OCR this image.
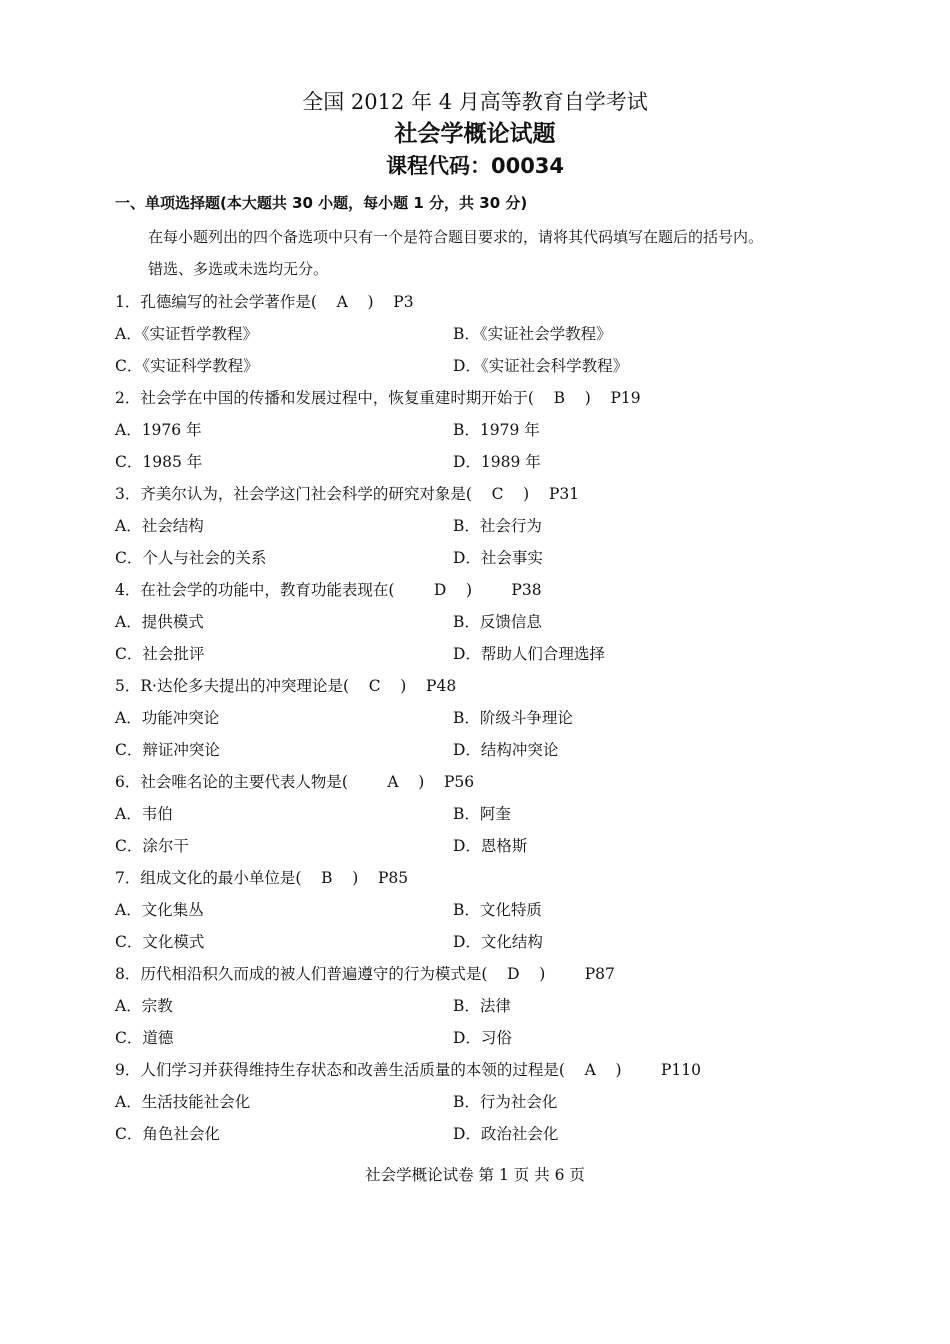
全国 2012 年 4 月高等教育自学考试
社会学概论试题
课程代码：00034
一、单项选择题(本大题共 30 小题，每小题 1 分，共 30 分)
在每小题列出的四个备选项中只有一个是符合题目要求的，请将其代码填写在题后的括号内。
错选、多选或未选均无分。
1．孔德编写的社会学著作是(    A    )    P3
A．《实证哲学教程》	B．《实证社会学教程》
C．《实证科学教程》	D．《实证社会科学教程》
2．社会学在中国的传播和发展过程中，恢复重建时期开始于(    B    )    P19
A．1976 年	B．1979 年
C．1985 年	D．1989 年
3．齐美尔认为，社会学这门社会科学的研究对象是(    C    )    P31
A．社会结构	B．社会行为
C．个人与社会的关系	D．社会事实
4．在社会学的功能中，教育功能表现在(        D    )        P38
A．提供模式	B．反馈信息
C．社会批评	D．帮助人们合理选择
5．R·达伦多夫提出的冲突理论是(    C    )    P48
A．功能冲突论	B．阶级斗争理论
C．辩证冲突论	D．结构冲突论
6．社会唯名论的主要代表人物是(        A    )    P56
A．韦伯	B．阿奎
C．涂尔干	D．恩格斯
7．组成文化的最小单位是(    B    )    P85
A．文化集丛	B．文化特质
C．文化模式	D．文化结构
8．历代相沿积久而成的被人们普遍遵守的行为模式是(    D    )        P87
A．宗教	B．法律
C．道德	D．习俗
9．人们学习并获得维持生存状态和改善生活质量的本领的过程是(    A    )        P110
A．生活技能社会化	B．行为社会化
C．角色社会化	D．政治社会化
社会学概论试卷 第 1 页 共 6 页
